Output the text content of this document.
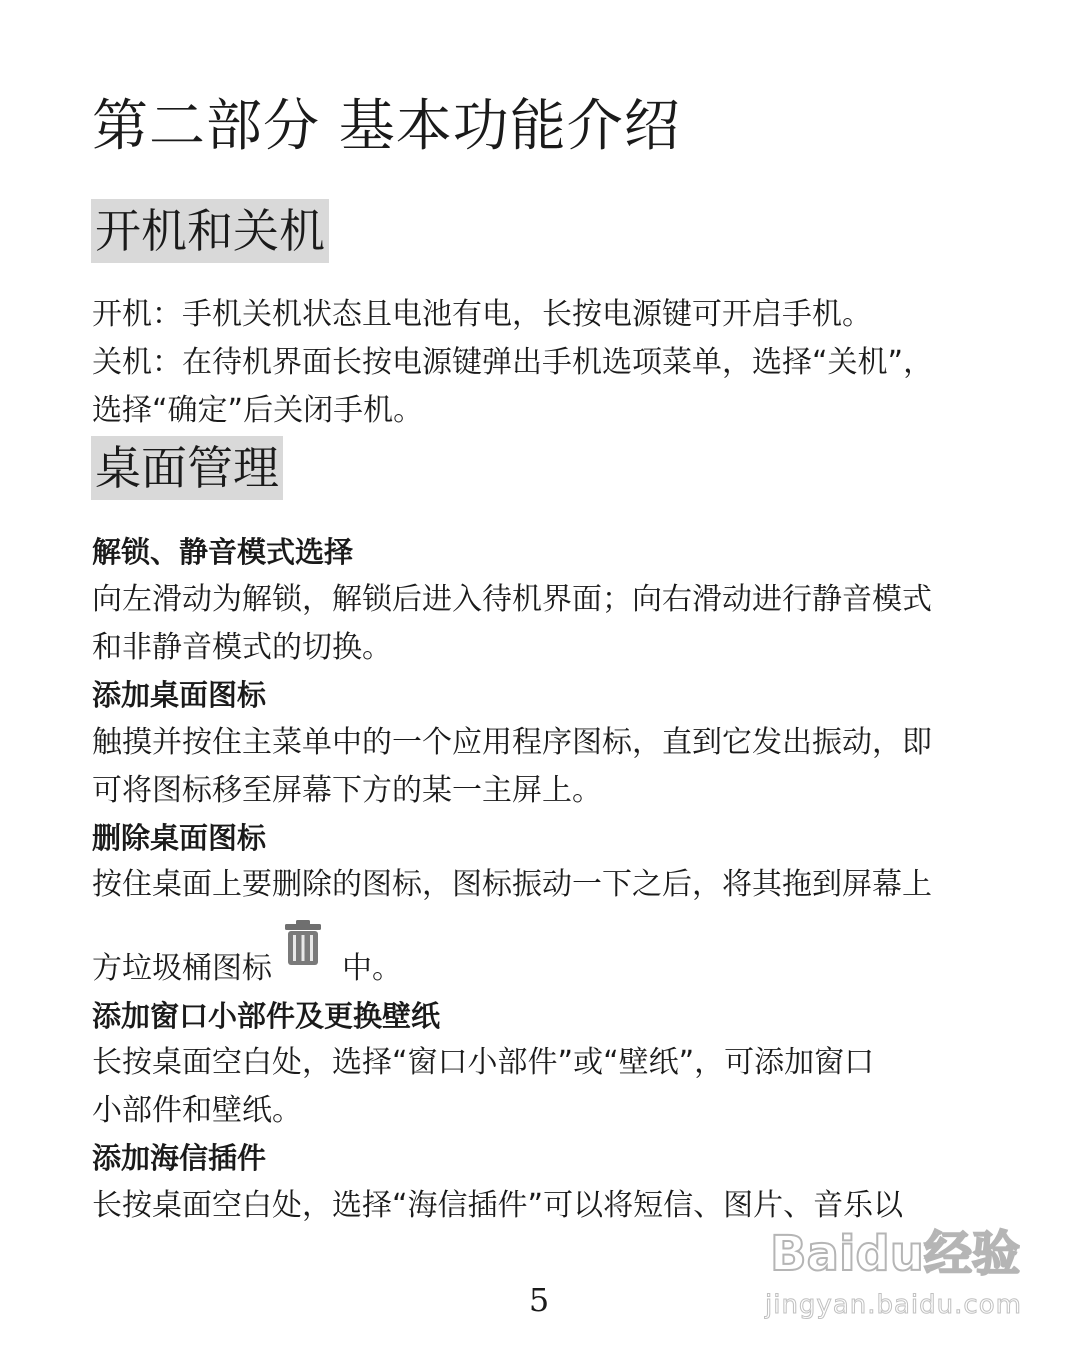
第二部分 基本功能介绍
开机和关机
开机：手机关机状态且电池有电，长按电源键可开启手机。
关机：在待机界面长按电源键弹出手机选项菜单，选择“关机”，
选择“确定”后关闭手机。
桌面管理
解锁、静音模式选择
向左滑动为解锁，解锁后进入待机界面；向右滑动进行静音模式
和非静音模式的切换。
添加桌面图标
触摸并按住主菜单中的一个应用程序图标，直到它发出振动，即
可将图标移至屏幕下方的某一主屏上。
删除桌面图标
按住桌面上要删除的图标，图标振动一下之后，将其拖到屏幕上
方垃圾桶图标 中。
添加窗口小部件及更换壁纸
长按桌面空白处，选择“窗口小部件”或“壁纸”，可添加窗口
小部件和壁纸。
添加海信插件
长按桌面空白处，选择“海信插件”可以将短信、图片、音乐以
Baidu经验
jingyan.baidu.com
5
